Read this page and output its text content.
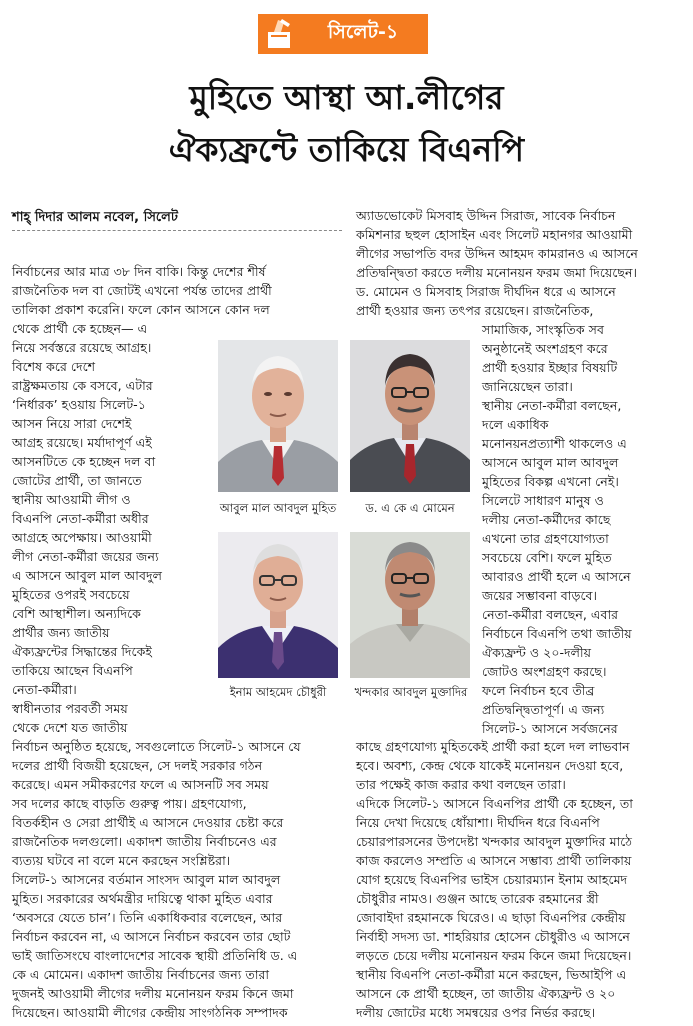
সিলেট-১
মুহিতে আস্থা আ.লীগের
ঐক্যফ্রন্টে তাকিয়ে বিএনপি
শাহ্ দিদার আলম নবেল, সিলেট
নির্বাচনের আর মাত্র ৩৮ দিন বাকি। কিন্তু দেশের শীর্ষ
রাজনৈতিক দল বা জোটই এখনো পর্যন্ত তাদের প্রার্থী
তালিকা প্রকাশ করেনি। ফলে কোন আসনে কোন দল
থেকে প্রার্থী কে হচ্ছেন— এ
নিয়ে সর্বস্তরে রয়েছে আগ্রহ।
বিশেষ করে দেশে
রাষ্ট্রক্ষমতায় কে বসবে, এটার
‘নির্ধারক’ হওয়ায় সিলেট-১
আসন নিয়ে সারা দেশেই
আগ্রহ রয়েছে। মর্যাদাপূর্ণ এই
আসনটিতে কে হচ্ছেন দল বা
জোটের প্রার্থী, তা জানতে
স্থানীয় আওয়ামী লীগ ও
বিএনপি নেতা-কর্মীরা অধীর
আগ্রহে অপেক্ষায়। আওয়ামী
লীগ নেতা-কর্মীরা জয়ের জন্য
এ আসনে আবুল মাল আবদুল
মুহিতের ওপরই সবচেয়ে
বেশি আস্থাশীল। অন্যদিকে
প্রার্থীর জন্য জাতীয়
ঐক্যফ্রন্টের সিদ্ধান্তের দিকেই
তাকিয়ে আছেন বিএনপি
নেতা-কর্মীরা।
স্বাধীনতার পরবর্তী সময়
থেকে দেশে যত জাতীয়
নির্বাচন অনুষ্ঠিত হয়েছে, সবগুলোতে সিলেট-১ আসনে যে
দলের প্রার্থী বিজয়ী হয়েছেন, সে দলই সরকার গঠন
করেছে। এমন সমীকরণের ফলে এ আসনটি সব সময়
সব দলের কাছে বাড়তি গুরুত্ব পায়। গ্রহণযোগ্য,
বিতর্কহীন ও সেরা প্রার্থীই এ আসনে দেওয়ার চেষ্টা করে
রাজনৈতিক দলগুলো। একাদশ জাতীয় নির্বাচনেও এর
ব্যত্যয় ঘটবে না বলে মনে করছেন সংশ্লিষ্টরা।
সিলেট-১ আসনের বর্তমান সাংসদ আবুল মাল আবদুল
মুহিত। সরকারের অর্থমন্ত্রীর দায়িত্বে থাকা মুহিত এবার
‘অবসরে যেতে চান’। তিনি একাধিকবার বলেছেন, আর
নির্বাচন করবেন না, এ আসনে নির্বাচন করবেন তার ছোট
ভাই জাতিসংঘে বাংলাদেশের সাবেক স্থায়ী প্রতিনিধি ড. এ
কে এ মোমেন। একাদশ জাতীয় নির্বাচনের জন্য তারা
দুজনই আওয়ামী লীগের দলীয় মনোনয়ন ফরম কিনে জমা
দিয়েছেন। আওয়ামী লীগের কেন্দ্রীয় সাংগঠনিক সম্পাদক
অ্যাডভোকেট মিসবাহ উদ্দিন সিরাজ, সাবেক নির্বাচন
কমিশনার ছহুল হোসাইন এবং সিলেট মহানগর আওয়ামী
লীগের সভাপতি বদর উদ্দিন আহমদ কামরানও এ আসনে
প্রতিদ্বন্দ্বিতা করতে দলীয় মনোনয়ন ফরম জমা দিয়েছেন।
ড. মোমেন ও মিসবাহ সিরাজ দীর্ঘদিন ধরে এ আসনে
প্রার্থী হওয়ার জন্য তৎপর রয়েছেন। রাজনৈতিক,
সামাজিক, সাংস্কৃতিক সব
অনুষ্ঠানেই অংশগ্রহণ করে
প্রার্থী হওয়ার ইচ্ছার বিষয়টি
জানিয়েছেন তারা।
স্থানীয় নেতা-কর্মীরা বলছেন,
দলে একাধিক
মনোনয়নপ্রত্যাশী থাকলেও এ
আসনে আবুল মাল আবদুল
মুহিতের বিকল্প এখনো নেই।
সিলেটে সাধারণ মানুষ ও
দলীয় নেতা-কর্মীদের কাছে
এখনো তার গ্রহণযোগ্যতা
সবচেয়ে বেশি। ফলে মুহিত
আবারও প্রার্থী হলে এ আসনে
জয়ের সম্ভাবনা বাড়বে।
নেতা-কর্মীরা বলছেন, এবার
নির্বাচনে বিএনপি তথা জাতীয়
ঐক্যফ্রন্ট ও ২০-দলীয়
জোটও অংশগ্রহণ করছে।
ফলে নির্বাচন হবে তীব্র
প্রতিদ্বন্দ্বিতাপূর্ণ। এ জন্য
সিলেট-১ আসনে সর্বজনের
কাছে গ্রহণযোগ্য মুহিতকেই প্রার্থী করা হলে দল লাভবান
হবে। অবশ্য, কেন্দ্র থেকে যাকেই মনোনয়ন দেওয়া হবে,
তার পক্ষেই কাজ করার কথা বলছেন তারা।
এদিকে সিলেট-১ আসনে বিএনপির প্রার্থী কে হচ্ছেন, তা
নিয়ে দেখা দিয়েছে ধোঁয়াশা। দীর্ঘদিন ধরে বিএনপি
চেয়ারপারসনের উপদেষ্টা খন্দকার আবদুল মুক্তাদির মাঠে
কাজ করলেও সম্প্রতি এ আসনে সম্ভাব্য প্রার্থী তালিকায়
যোগ হয়েছে বিএনপির ভাইস চেয়ারম্যান ইনাম আহমেদ
চৌধুরীর নামও। গুঞ্জন আছে তারেক রহমানের স্ত্রী
জোবাইদা রহমানকে ঘিরেও। এ ছাড়া বিএনপির কেন্দ্রীয়
নির্বাহী সদস্য ডা. শাহরিয়ার হোসেন চৌধুরীও এ আসনে
লড়তে চেয়ে দলীয় মনোনয়ন ফরম কিনে জমা দিয়েছেন।
স্থানীয় বিএনপি নেতা-কর্মীরা মনে করছেন, ভিআইপি এ
আসনে কে প্রার্থী হচ্ছেন, তা জাতীয় ঐক্যফ্রন্ট ও ২০
দলীয় জোটের মধ্যে সমন্বয়ের ওপর নির্ভর করছে।
আবুল মাল আবদুল মুহিত	ড. এ কে এ মোমেন
ইনাম আহমেদ চৌধুরী	খন্দকার আবদুল মুক্তাদির
